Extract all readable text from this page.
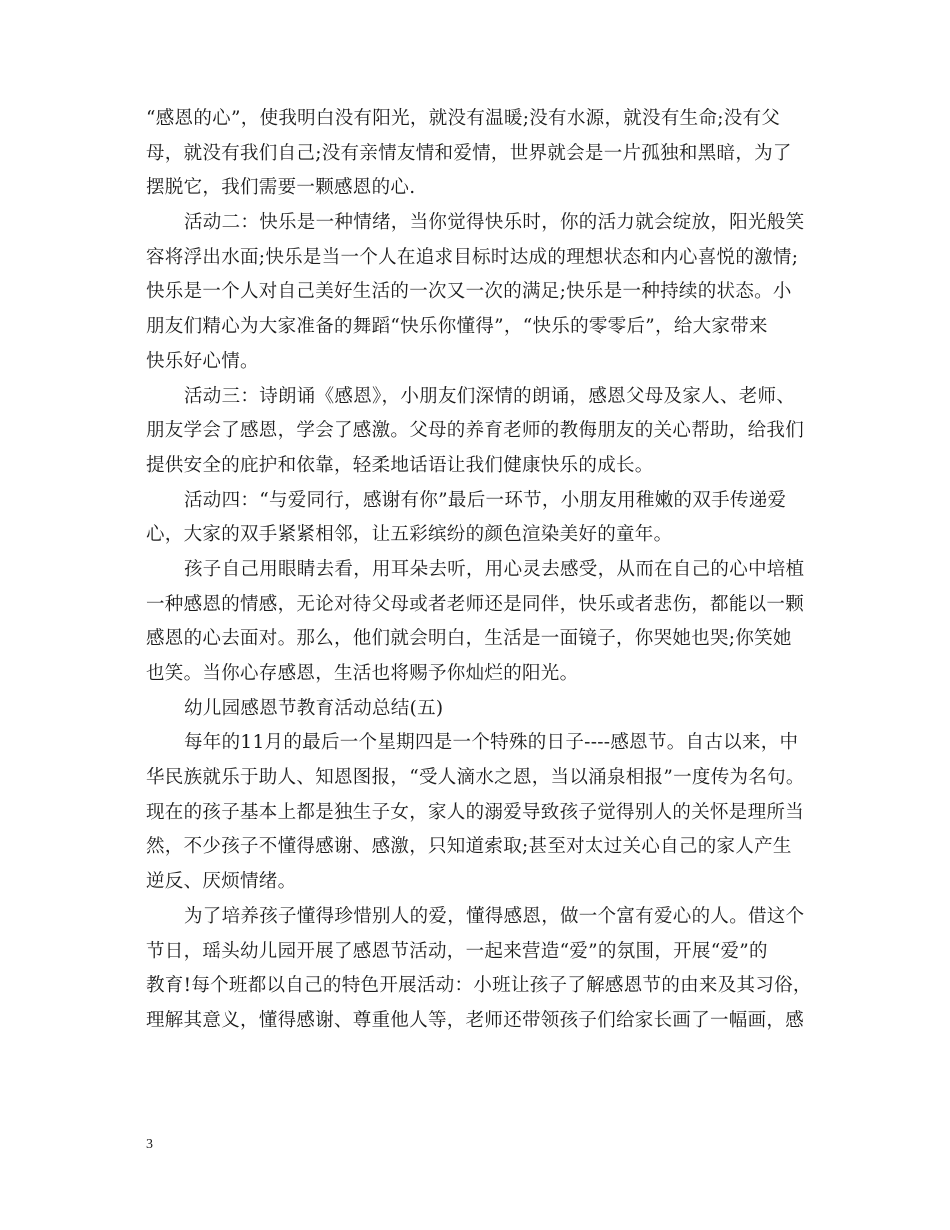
“感恩的心”，使我明白没有阳光，就没有温暖;没有水源，就没有生命;没有父
母，就没有我们自己;没有亲情友情和爱情，世界就会是一片孤独和黑暗，为了
摆脱它，我们需要一颗感恩的心.
活动二：快乐是一种情绪，当你觉得快乐时，你的活力就会绽放，阳光般笑
容将浮出水面;快乐是当一个人在追求目标时达成的理想状态和内心喜悦的激情;
快乐是一个人对自己美好生活的一次又一次的满足;快乐是一种持续的状态。小
朋友们精心为大家准备的舞蹈“快乐你懂得”，“快乐的零零后”，给大家带来
快乐好心情。
活动三：诗朗诵《感恩》，小朋友们深情的朗诵，感恩父母及家人、老师、
朋友学会了感恩，学会了感激。父母的养育老师的教侮朋友的关心帮助，给我们
提供安全的庇护和依靠，轻柔地话语让我们健康快乐的成长。
活动四：“与爱同行，感谢有你”最后一环节，小朋友用稚嫩的双手传递爱
心，大家的双手紧紧相邻，让五彩缤纷的颜色渲染美好的童年。
孩子自己用眼睛去看，用耳朵去听，用心灵去感受，从而在自己的心中培植
一种感恩的情感，无论对待父母或者老师还是同伴，快乐或者悲伤，都能以一颗
感恩的心去面对。那么，他们就会明白，生活是一面镜子，你哭她也哭;你笑她
也笑。当你心存感恩，生活也将赐予你灿烂的阳光。
幼儿园感恩节教育活动总结(五)
每年的11月的最后一个星期四是一个特殊的日子----感恩节。自古以来，中
华民族就乐于助人、知恩图报，“受人滴水之恩，当以涌泉相报”一度传为名句。
现在的孩子基本上都是独生子女，家人的溺爱导致孩子觉得别人的关怀是理所当
然，不少孩子不懂得感谢、感激，只知道索取;甚至对太过关心自己的家人产生
逆反、厌烦情绪。
为了培养孩子懂得珍惜别人的爱，懂得感恩，做一个富有爱心的人。借这个
节日，瑶头幼儿园开展了感恩节活动，一起来营造“爱”的氛围，开展“爱”的
教育!每个班都以自己的特色开展活动：小班让孩子了解感恩节的由来及其习俗，
理解其意义，懂得感谢、尊重他人等，老师还带领孩子们给家长画了一幅画，感
3
